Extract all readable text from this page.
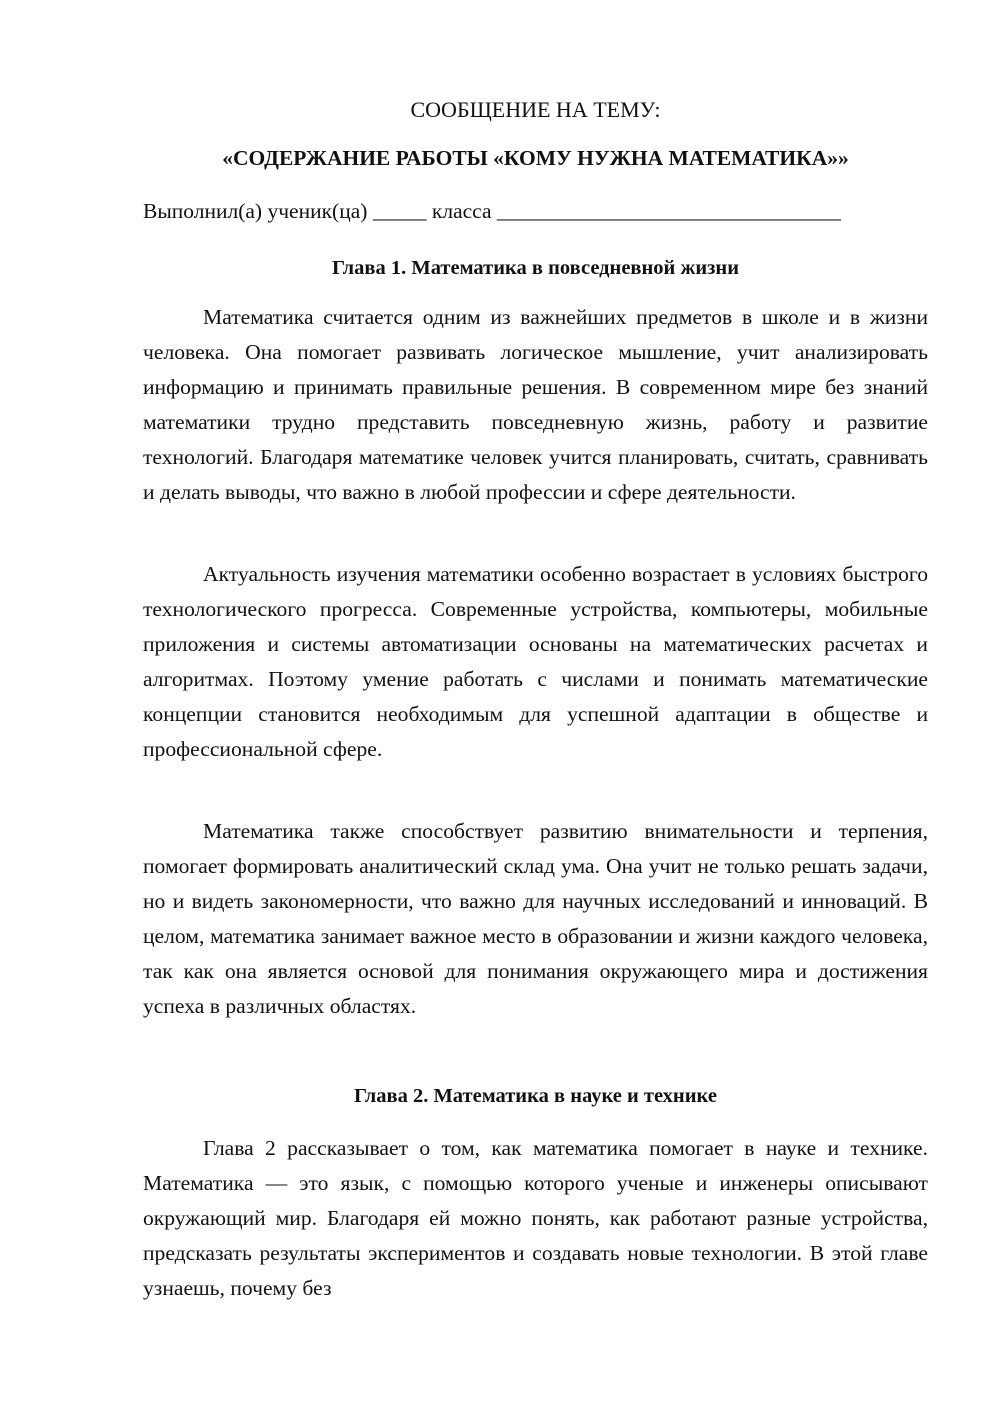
СООБЩЕНИЕ НА ТЕМУ:
«СОДЕРЖАНИЕ РАБОТЫ «КОМУ НУЖНА МАТЕМАТИКА»»
Выполнил(а) ученик(ца) _____ класса ________________________________
Глава 1. Математика в повседневной жизни

Математика считается одним из важнейших предметов в школе и в жизни человека. Она помогает развивать логическое мышление, учит анализировать информацию и принимать правильные решения. В современном мире без знаний математики трудно представить повседневную жизнь, работу и развитие технологий. Благодаря математике человек учится планировать, считать, сравнивать и делать выводы, что важно в любой профессии и сфере деятельности.

Актуальность изучения математики особенно возрастает в условиях быстрого технологического прогресса. Современные устройства, компьютеры, мобильные приложения и системы автоматизации основаны на математических расчетах и алгоритмах. Поэтому умение работать с числами и понимать математические концепции становится необходимым для успешной адаптации в обществе и профессиональной сфере.

Математика также способствует развитию внимательности и терпения, помогает формировать аналитический склад ума. Она учит не только решать задачи, но и видеть закономерности, что важно для научных исследований и инноваций. В целом, математика занимает важное место в образовании и жизни каждого человека, так как она является основой для понимания окружающего мира и достижения успеха в различных областях.

Глава 2. Математика в науке и технике

Глава 2 рассказывает о том, как математика помогает в науке и технике. Математика — это язык, с помощью которого ученые и инженеры описывают окружающий мир. Благодаря ей можно понять, как работают разные устройства, предсказать результаты экспериментов и создавать новые технологии. В этой главе узнаешь, почему без
